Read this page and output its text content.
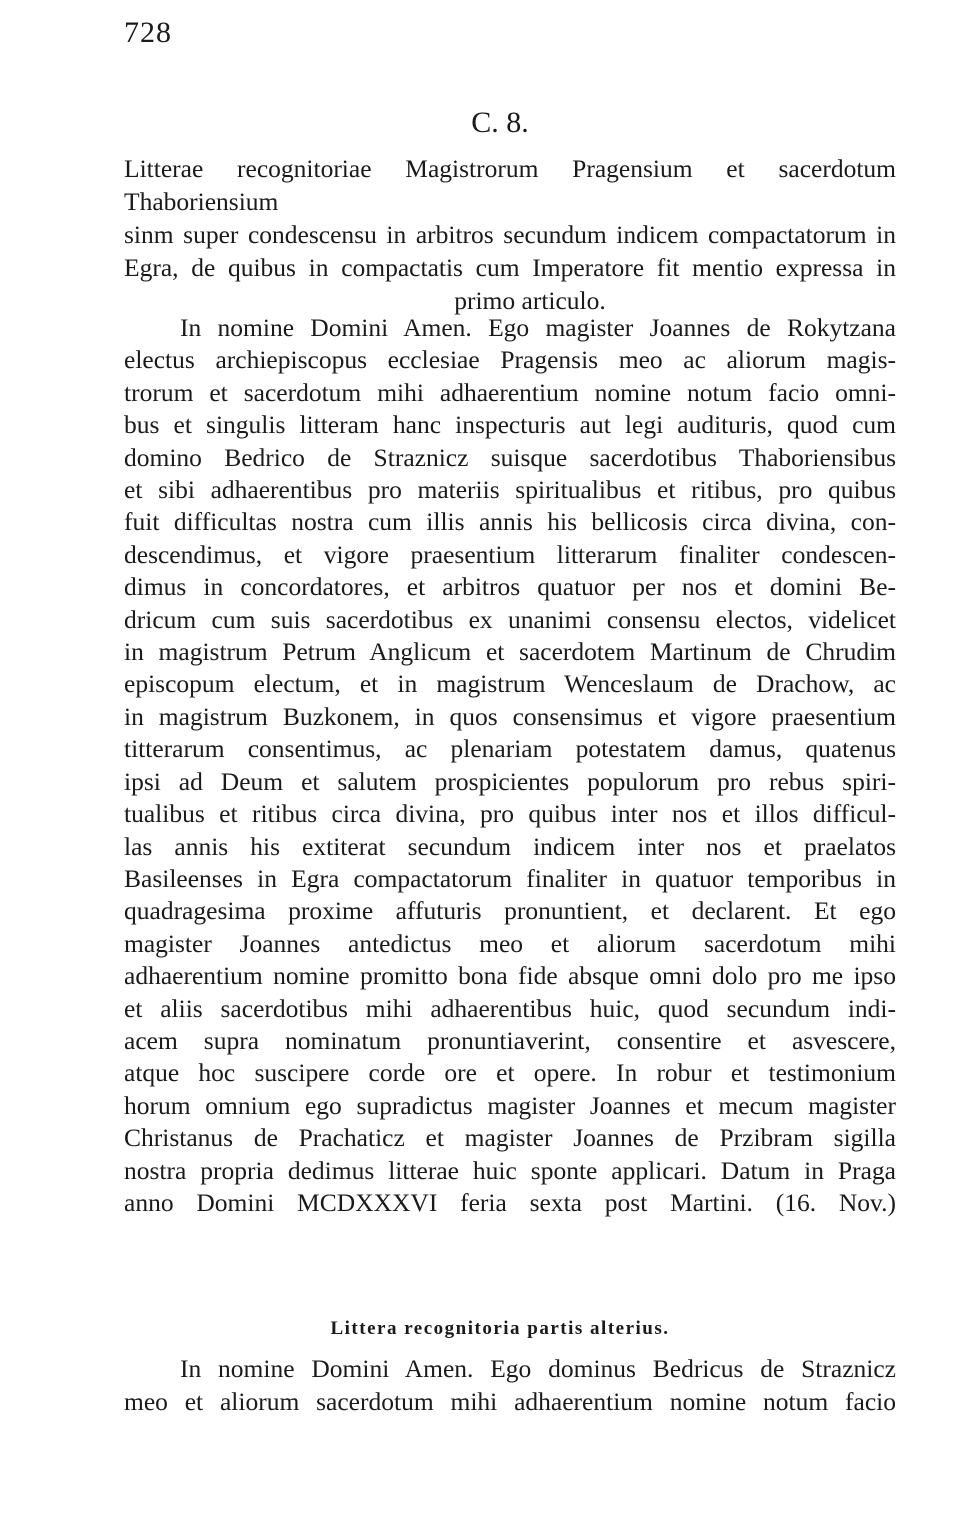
728
C. 8.
Litterae recognitoriae Magistrorum Pragensium et sacerdotum Thaboriensium
sinm super condescensu in arbitros secundum indicem compactatorum in
Egra, de quibus in compactatis cum Imperatore fit mentio expressa in
primo articulo.
In nomine Domini Amen. Ego magister Joannes de Rokytzana
electus archiepiscopus ecclesiae Pragensis meo ac aliorum magis-
trorum et sacerdotum mihi adhaerentium nomine notum facio omni-
bus et singulis litteram hanc inspecturis aut legi audituris, quod cum
domino Bedrico de Straznicz suisque sacerdotibus Thaboriensibus
et sibi adhaerentibus pro materiis spiritualibus et ritibus, pro quibus
fuit difficultas nostra cum illis annis his bellicosis circa divina, con-
descendimus, et vigore praesentium litterarum finaliter condescen-
dimus in concordatores, et arbitros quatuor per nos et domini Be-
dricum cum suis sacerdotibus ex unanimi consensu electos, videlicet
in magistrum Petrum Anglicum et sacerdotem Martinum de Chrudim
episcopum electum, et in magistrum Wenceslaum de Drachow, ac
in magistrum Buzkonem, in quos consensimus et vigore praesentium
titterarum consentimus, ac plenariam potestatem damus, quatenus
ipsi ad Deum et salutem prospicientes populorum pro rebus spiri-
tualibus et ritibus circa divina, pro quibus inter nos et illos difficul-
las annis his extiterat secundum indicem inter nos et praelatos
Basileenses in Egra compactatorum finaliter in quatuor temporibus in
quadragesima proxime affuturis pronuntient, et declarent. Et ego
magister Joannes antedictus meo et aliorum sacerdotum mihi
adhaerentium nomine promitto bona fide absque omni dolo pro me ipso
et aliis sacerdotibus mihi adhaerentibus huic, quod secundum indi-
acem supra nominatum pronuntiaverint, consentire et asvescere,
atque hoc suscipere corde ore et opere. In robur et testimonium
horum omnium ego supradictus magister Joannes et mecum magister
Christanus de Prachaticz et magister Joannes de Przibram sigilla
nostra propria dedimus litterae huic sponte applicari. Datum in Praga
anno Domini MCDXXXVI feria sexta post Martini. (16. Nov.)
Littera recognitoria partis alterius.
In nomine Domini Amen. Ego dominus Bedricus de Straznicz
meo et aliorum sacerdotum mihi adhaerentium nomine notum facio
